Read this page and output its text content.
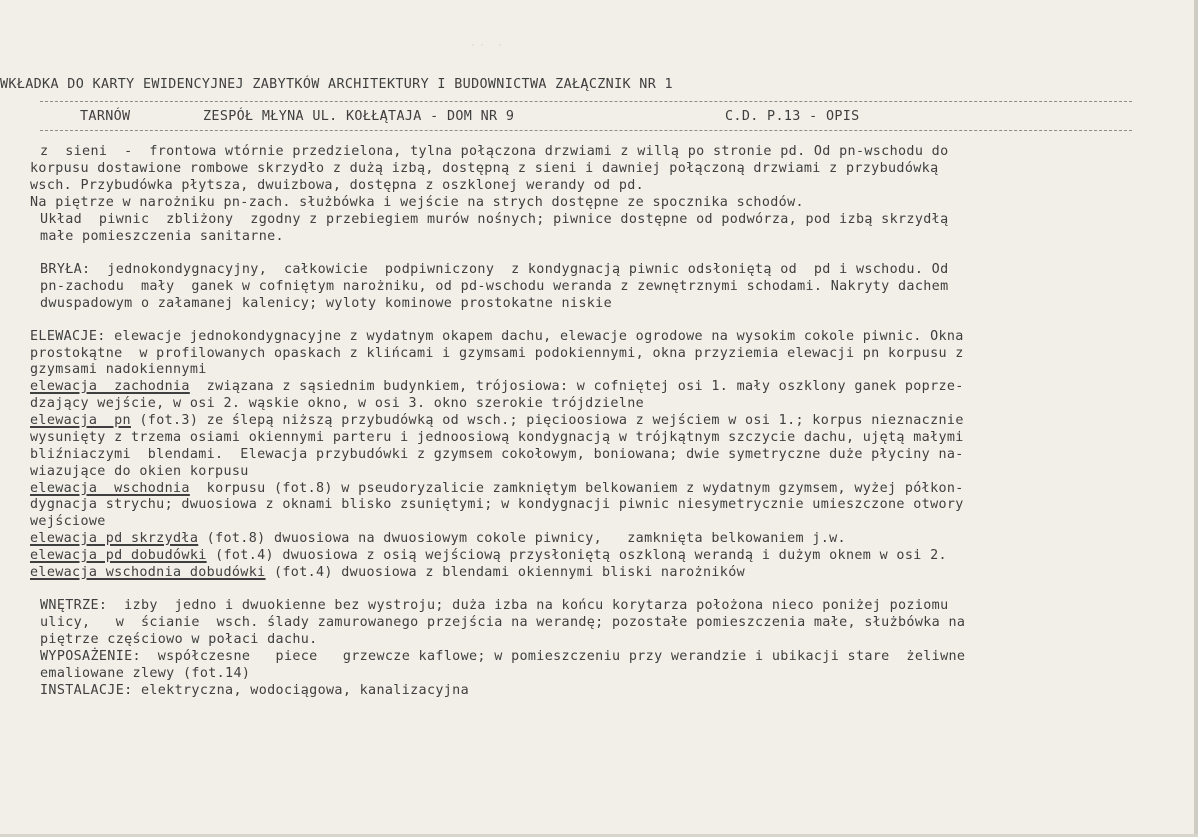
·· ·
WKŁADKA DO KARTY EWIDENCYJNEJ ZABYTKÓW ARCHITEKTURY I BUDOWNICTWA ZAŁĄCZNIK NR 1
TARNÓW	ZESPÓŁ MŁYNA UL. KOŁŁĄTAJA - DOM NR 9	C.D. P.13 - OPIS
z  sieni  -  frontowa wtórnie przedzielona, tylna połączona drzwiami z willą po stronie pd. Od pn-wschodu do
korpusu dostawione rombowe skrzydło z dużą izbą, dostępną z sieni i dawniej połączoną drzwiami z przybudówką
wsch. Przybudówka płytsza, dwuizbowa, dostępna z oszklonej werandy od pd.
Na piętrze w narożniku pn-zach. służbówka i wejście na strych dostępne ze spocznika schodów.
Układ  piwnic  zbliżony  zgodny z przebiegiem murów nośnych; piwnice dostępne od podwórza, pod izbą skrzydłą
małe pomieszczenia sanitarne.
BRYŁA:  jednokondygnacyjny,  całkowicie  podpiwniczony  z kondygnacją piwnic odsłoniętą od  pd i wschodu. Od
pn-zachodu  mały  ganek w cofniętym narożniku, od pd-wschodu weranda z zewnętrznymi schodami. Nakryty dachem
dwuspadowym o załamanej kalenicy; wyloty kominowe prostokatne niskie
ELEWACJE: elewacje jednokondygnacyjne z wydatnym okapem dachu, elewacje ogrodowe na wysokim cokole piwnic. Okna
prostokątne  w profilowanych opaskach z klińcami i gzymsami podokiennymi, okna przyziemia elewacji pn korpusu z
gzymsami nadokiennymi
elewacja  zachodnia  związana z sąsiednim budynkiem, trójosiowa: w cofniętej osi 1. mały oszklony ganek poprze-
dzający wejście, w osi 2. wąskie okno, w osi 3. okno szerokie trójdzielne
elewacja  pn (fot.3) ze ślepą niższą przybudówką od wsch.; pięcioosiowa z wejściem w osi 1.; korpus nieznacznie
wysunięty z trzema osiami okiennymi parteru i jednoosiową kondygnacją w trójkątnym szczycie dachu, ujętą małymi
bliźniaczymi  blendami.  Elewacja przybudówki z gzymsem cokołowym, boniowana; dwie symetryczne duże płyciny na-
wiazujące do okien korpusu
elewacja  wschodnia  korpusu (fot.8) w pseudoryzalicie zamkniętym belkowaniem z wydatnym gzymsem, wyżej półkon-
dygnacja strychu; dwuosiowa z oknami blisko zsuniętymi; w kondygnacji piwnic niesymetrycznie umieszczone otwory
wejściowe
elewacja pd skrzydła (fot.8) dwuosiowa na dwuosiowym cokole piwnicy,   zamknięta belkowaniem j.w.
elewacja pd dobudówki (fot.4) dwuosiowa z osią wejściową przysłoniętą oszkloną werandą i dużym oknem w osi 2.
elewacja wschodnia dobudówki (fot.4) dwuosiowa z blendami okiennymi bliski narożników
WNĘTRZE:  izby  jedno i dwuokienne bez wystroju; duża izba na końcu korytarza położona nieco poniżej poziomu
ulicy,   w  ścianie  wsch. ślady zamurowanego przejścia na werandę; pozostałe pomieszczenia małe, służbówka na
piętrze częściowo w połaci dachu.
WYPOSAŻENIE:  współczesne   piece   grzewcze kaflowe; w pomieszczeniu przy werandzie i ubikacji stare  żeliwne
emaliowane zlewy (fot.14)
INSTALACJE: elektryczna, wodociągowa, kanalizacyjna
